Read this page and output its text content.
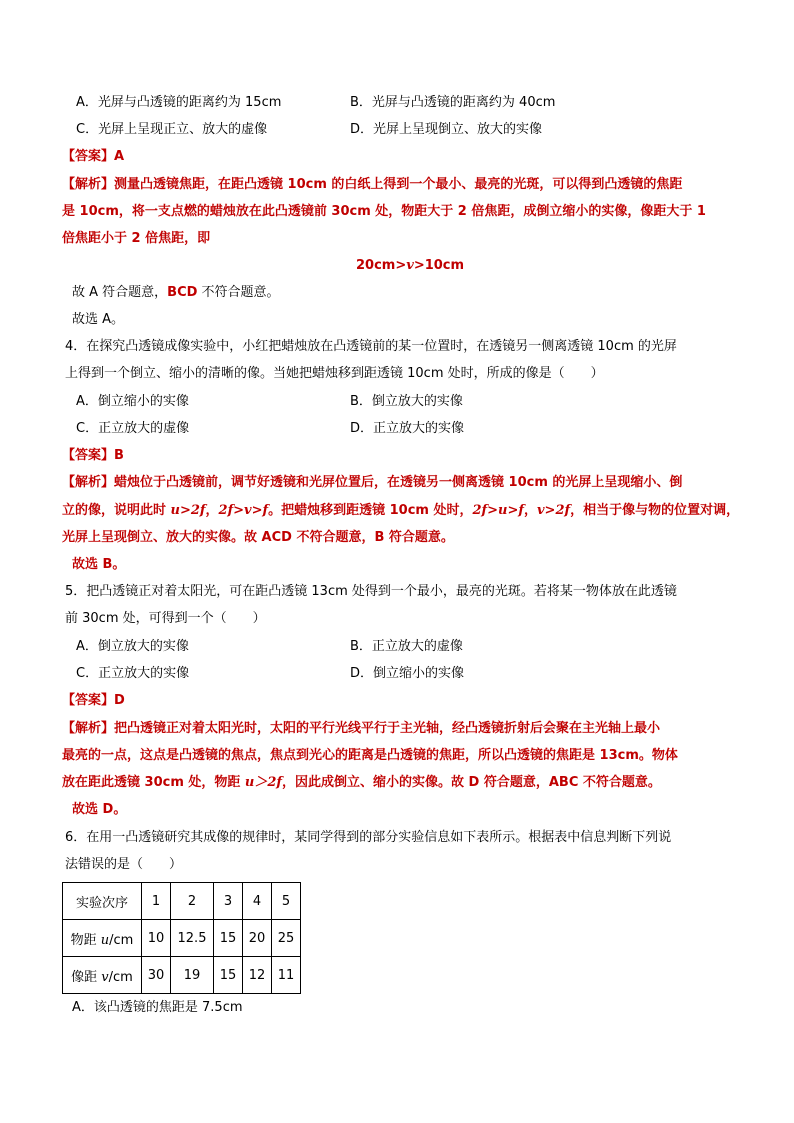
A．光屏与凸透镜的距离约为 15cm	B．光屏与凸透镜的距离约为 40cm
C．光屏上呈现正立、放大的虚像	D．光屏上呈现倒立、放大的实像
【答案】A
【解析】测量凸透镜焦距，在距凸透镜 10cm 的白纸上得到一个最小、最亮的光斑，可以得到凸透镜的焦距
是 10cm，将一支点燃的蜡烛放在此凸透镜前 30cm 处，物距大于 2 倍焦距，成倒立缩小的实像，像距大于 1
倍焦距小于 2 倍焦距，即
20cm>v>10cm
故 A 符合题意，BCD 不符合题意。
故选 A。
4．在探究凸透镜成像实验中，小红把蜡烛放在凸透镜前的某一位置时，在透镜另一侧离透镜 10cm 的光屏
上得到一个倒立、缩小的清晰的像。当她把蜡烛移到距透镜 10cm 处时，所成的像是（　　）
A．倒立缩小的实像	B．倒立放大的实像
C．正立放大的虚像	D．正立放大的实像
【答案】B
【解析】蜡烛位于凸透镜前，调节好透镜和光屏位置后，在透镜另一侧离透镜 10cm 的光屏上呈现缩小、倒
立的像，说明此时 u>2f，2f>v>f。把蜡烛移到距透镜 10cm 处时，2f>u>f，v>2f，相当于像与物的位置对调，
光屏上呈现倒立、放大的实像。故 ACD 不符合题意，B 符合题意。
故选 B。
5．把凸透镜正对着太阳光，可在距凸透镜 13cm 处得到一个最小，最亮的光斑。若将某一物体放在此透镜
前 30cm 处，可得到一个（　　）
A．倒立放大的实像	B．正立放大的虚像
C．正立放大的实像	D．倒立缩小的实像
【答案】D
【解析】把凸透镜正对着太阳光时，太阳的平行光线平行于主光轴，经凸透镜折射后会聚在主光轴上最小
最亮的一点，这点是凸透镜的焦点，焦点到光心的距离是凸透镜的焦距，所以凸透镜的焦距是 13cm。物体
放在距此透镜 30cm 处，物距 u＞2f，因此成倒立、缩小的实像。故 D 符合题意，ABC 不符合题意。
故选 D。
6．在用一凸透镜研究其成像的规律时，某同学得到的部分实验信息如下表所示。根据表中信息判断下列说
法错误的是（　　）
实验次序	1	2	3	4	5
物距 u/cm	10	12.5	15	20	25
像距 v/cm	30	19	15	12	11
A．该凸透镜的焦距是 7.5cm
